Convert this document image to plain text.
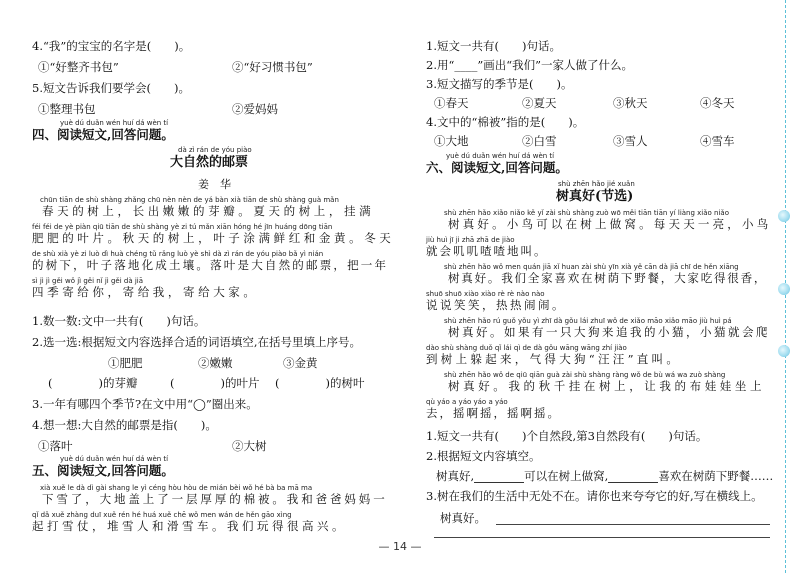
4.“我”的宝宝的名字是(　　)。
①“好整齐书包”	②“好习惯书包”
5.短文告诉我们要学会(　　)。
①整理书包	②爱妈妈
yuè dú duǎn wén huí dá wèn tí
四、阅读短文,回答问题。
dà zì rán de yóu piào
大自然的邮票
姜　华
chūn tiān de shù shàng zhǎng chū nèn nèn de yá bàn xià tiān de shù shàng guà mǎn
春天的树上，长出嫩嫩的芽瓣。夏天的树上，挂满
féi féi de yè piàn qiū tiān de shù shàng yè zi tú mǎn xiān hóng hé jīn huáng dōng tiān
肥肥的叶片。秋天的树上，叶子涂满鲜红和金黄。冬天
de shù xià yè zi luò dì huà chéng tǔ rǎng luò yè shì dà zì rán de yóu piào bǎ yì nián
的树下，叶子落地化成土壤。落叶是大自然的邮票，把一年
sì jì jì gěi wǒ jì gěi nǐ jì gěi dà jiā
四季寄给你，寄给我，寄给大家。
1.数一数:文中一共有(　　)句话。
2.选一选:根据短文内容选择合适的词语填空,在括号里填上序号。
①肥肥	②嫩嫩	③金黄
(　　　　)的芽瓣	(　　　　)的叶片 (　　　　)的树叶
3.一年有哪四个季节?在文中用“◯”圈出来。
4.想一想:大自然的邮票是指(　　)。
①落叶	②大树
yuè dú duǎn wén huí dá wèn tí
五、阅读短文,回答问题。
xià xuě le dà dì gài shang le yì céng hòu hòu de mián bèi wǒ hé bà ba mā ma
下雪了，大地盖上了一层厚厚的棉被。我和爸爸妈妈一
qǐ dǎ xuě zhàng duī xuě rén hé huá xuě chē wǒ men wán de hěn gāo xìng
起打雪仗，堆雪人和滑雪车。我们玩得很高兴。
1.短文一共有(　　)句话。
2.用“____”画出“我们”一家人做了什么。
3.短文描写的季节是(　　)。
①春天	②夏天	③秋天	④冬天
4.文中的“棉被”指的是(　　)。
①大地	②白雪	③雪人	④雪车
yuè dú duǎn wén huí dá wèn tí
六、阅读短文,回答问题。
shù zhēn hǎo jié xuǎn
树真好(节选)
shù zhēn hǎo xiǎo niǎo kě yǐ zài shù shàng zuò wō měi tiān tiān yí liàng xiǎo niǎo
树真好。小鸟可以在树上做窝。每天天一亮，小鸟
jiù huì jī ji zhā zhā de jiào
就会叽叽喳喳地叫。
shù zhēn hǎo wǒ men quán jiā xǐ huan zài shù yīn xià yě cān dà jiā chī de hěn xiāng
树真好。我们全家喜欢在树荫下野餐，大家吃得很香，
shuō shuō xiào xiào rè rè nào nào
说说笑笑，热热闹闹。
shù zhēn hǎo rú guǒ yǒu yì zhī dà gǒu lái zhuī wǒ de xiǎo māo xiǎo māo jiù huì pá
树真好。如果有一只大狗来追我的小猫，小猫就会爬
dào shù shàng duǒ qǐ lái qì de dà gǒu wāng wāng zhí jiào
到树上躲起来，气得大狗“汪汪”直叫。
shù zhēn hǎo wǒ de qiū qiān guà zài shù shàng ràng wǒ de bù wá wa zuò shàng
树真好。我的秋千挂在树上，让我的布娃娃坐上
qù yáo a yáo yáo a yáo
去，摇啊摇，摇啊摇。
1.短文一共有(　　)个自然段,第3自然段有(　　)句话。
2.根据短文内容填空。
树真好,	可以在树上做窝,	喜欢在树荫下野餐……
3.树在我们的生活中无处不在。请你也来夸夸它的好,写在横线上。
树真好。
— 14 —
